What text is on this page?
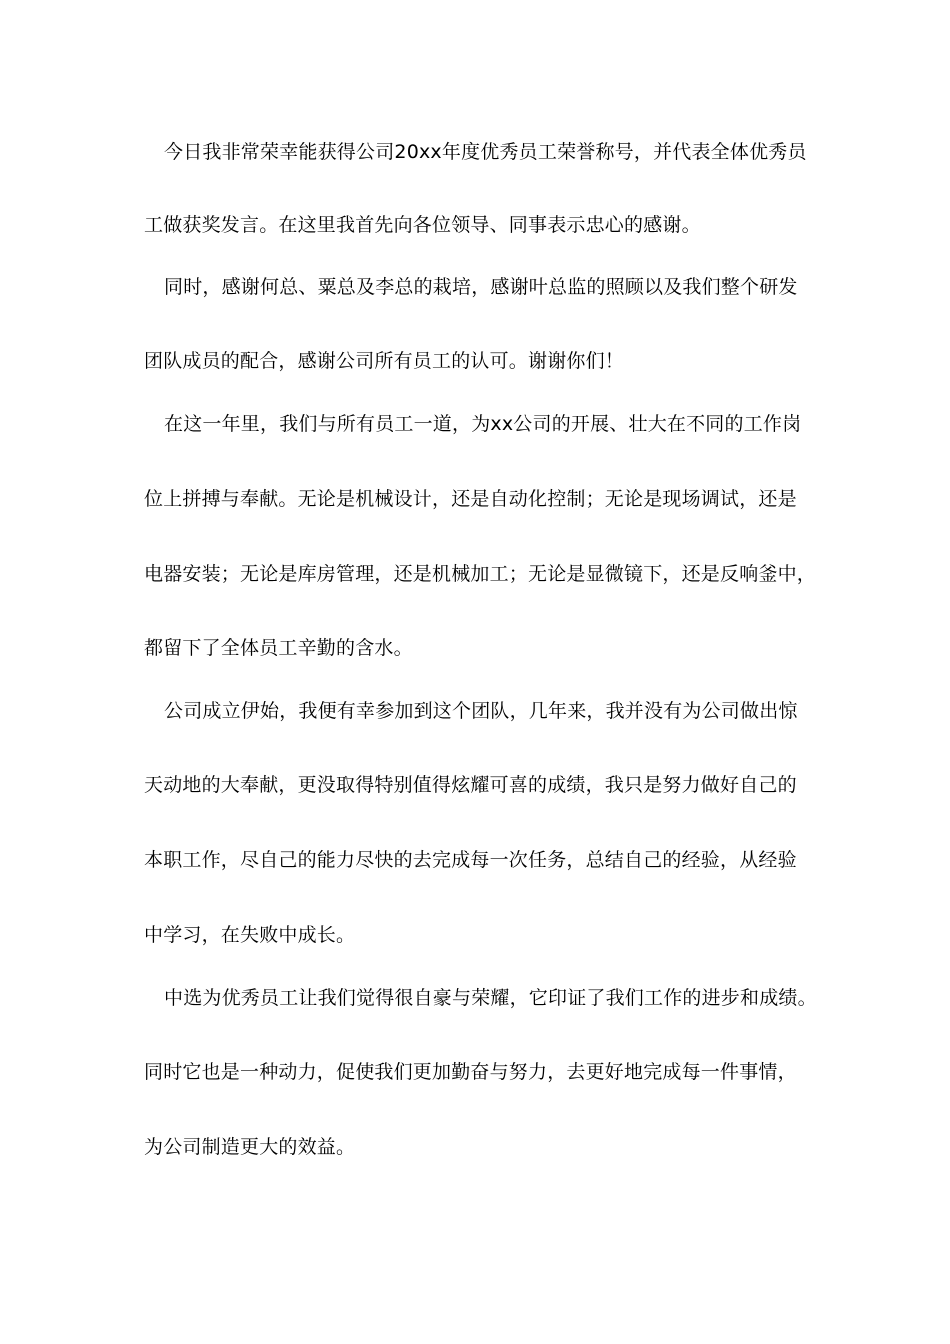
今日我非常荣幸能获得公司20xx年度优秀员工荣誉称号，并代表全体优秀员
工做获奖发言。在这里我首先向各位领导、同事表示忠心的感谢。
同时，感谢何总、粟总及李总的栽培，感谢叶总监的照顾以及我们整个研发
团队成员的配合，感谢公司所有员工的认可。谢谢你们！
在这一年里，我们与所有员工一道，为xx公司的开展、壮大在不同的工作岗
位上拼搏与奉献。无论是机械设计，还是自动化控制；无论是现场调试，还是
电器安装；无论是库房管理，还是机械加工；无论是显微镜下，还是反响釜中，
都留下了全体员工辛勤的含水。
公司成立伊始，我便有幸参加到这个团队，几年来，我并没有为公司做出惊
天动地的大奉献，更没取得特别值得炫耀可喜的成绩，我只是努力做好自己的
本职工作，尽自己的能力尽快的去完成每一次任务，总结自己的经验，从经验
中学习，在失败中成长。
中选为优秀员工让我们觉得很自豪与荣耀，它印证了我们工作的进步和成绩。
同时它也是一种动力，促使我们更加勤奋与努力，去更好地完成每一件事情，
为公司制造更大的效益。
